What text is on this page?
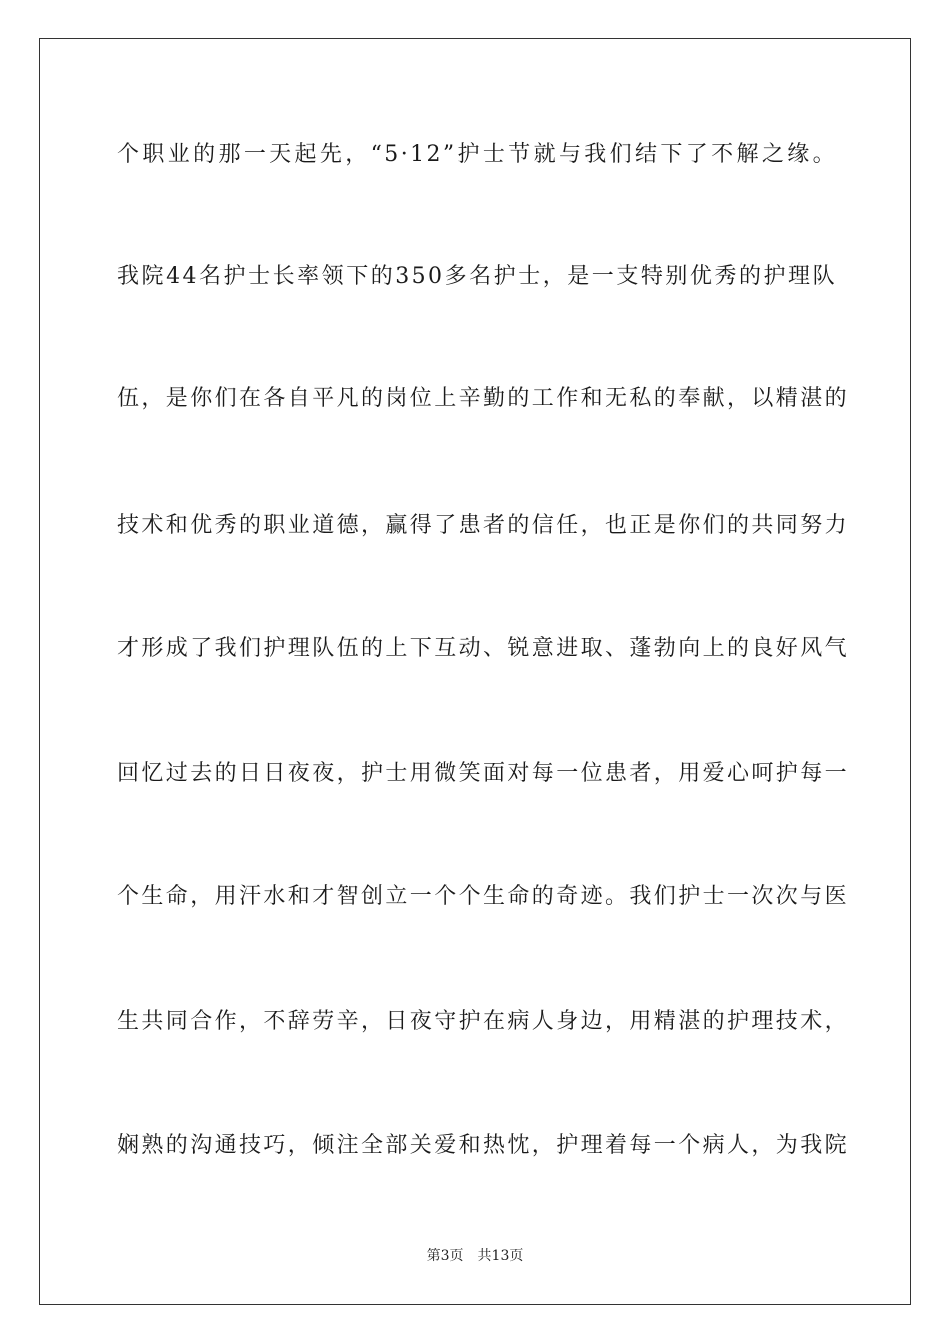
个职业的那一天起先，“5·12”护士节就与我们结下了不解之缘。
我院44名护士长率领下的350多名护士，是一支特别优秀的护理队
伍，是你们在各自平凡的岗位上辛勤的工作和无私的奉献，以精湛的
技术和优秀的职业道德，赢得了患者的信任，也正是你们的共同努力
才形成了我们护理队伍的上下互动、锐意进取、蓬勃向上的良好风气
回忆过去的日日夜夜，护士用微笑面对每一位患者，用爱心呵护每一
个生命，用汗水和才智创立一个个生命的奇迹。我们护士一次次与医
生共同合作，不辞劳辛，日夜守护在病人身边，用精湛的护理技术，
娴熟的沟通技巧，倾注全部关爱和热忱，护理着每一个病人，为我院
第3页 共13页
